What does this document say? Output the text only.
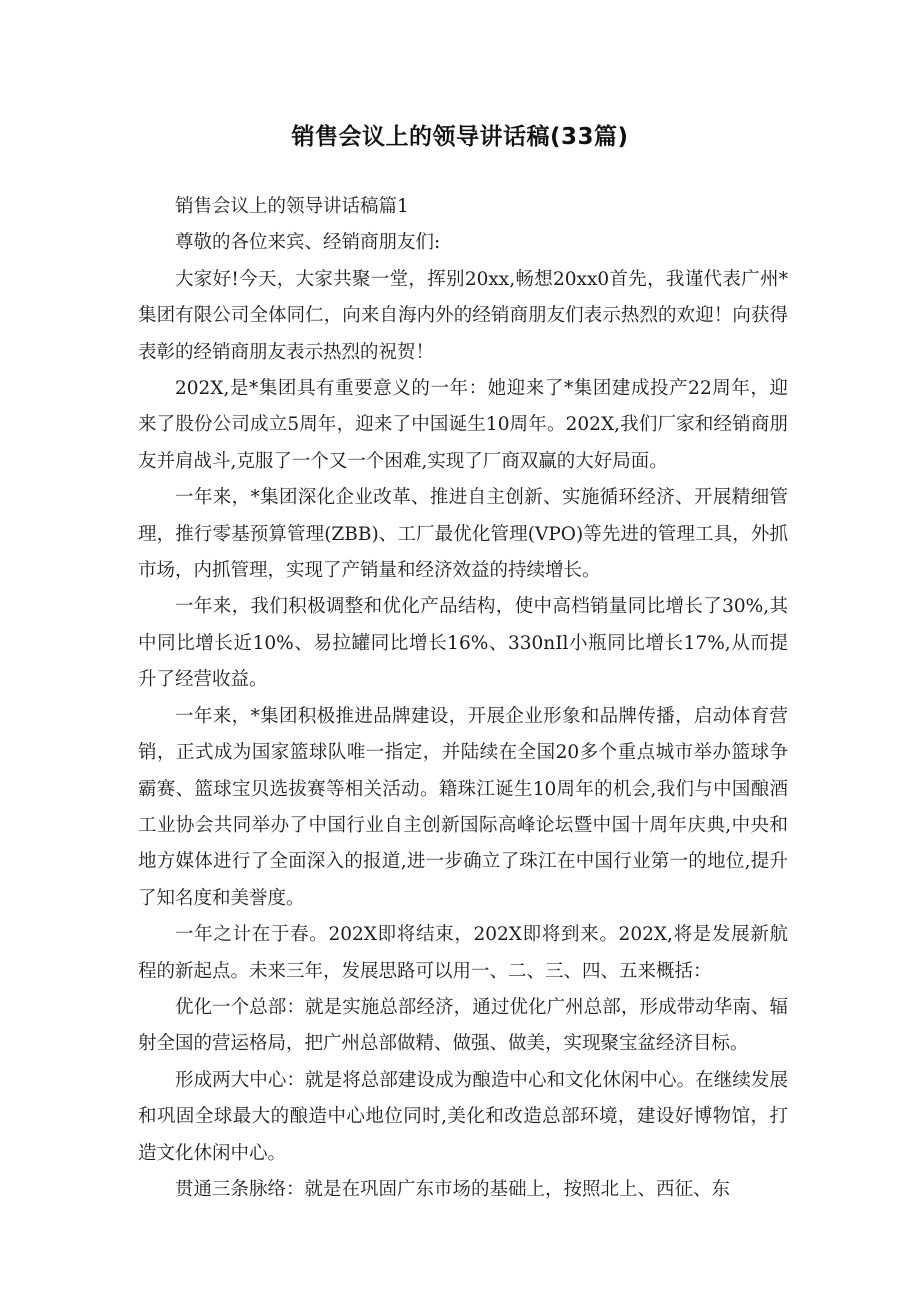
销售会议上的领导讲话稿(33篇)

销售会议上的领导讲话稿篇1

尊敬的各位来宾、经销商朋友们:

大家好!今天，大家共聚一堂，挥别20xx,畅想20xx0首先，我谨代表广州*集团有限公司全体同仁，向来自海内外的经销商朋友们表示热烈的欢迎！向获得表彰的经销商朋友表示热烈的祝贺！

202X,是*集团具有重要意义的一年：她迎来了*集团建成投产22周年，迎来了股份公司成立5周年，迎来了中国诞生10周年。202X,我们厂家和经销商朋友并肩战斗,克服了一个又一个困难,实现了厂商双赢的大好局面。

一年来，*集团深化企业改革、推进自主创新、实施循环经济、开展精细管理，推行零基预算管理(ZBB)、工厂最优化管理(VPO)等先进的管理工具，外抓市场，内抓管理，实现了产销量和经济效益的持续增长。

一年来，我们积极调整和优化产品结构，使中高档销量同比增长了30%,其中同比增长近10%、易拉罐同比增长16%、330nIl小瓶同比增长17%,从而提升了经营收益。

一年来，*集团积极推进品牌建设，开展企业形象和品牌传播，启动体育营销，正式成为国家篮球队唯一指定，并陆续在全国20多个重点城市举办篮球争霸赛、篮球宝贝选拔赛等相关活动。籍珠江诞生10周年的机会,我们与中国酿酒工业协会共同举办了中国行业自主创新国际高峰论坛暨中国十周年庆典,中央和地方媒体进行了全面深入的报道,进一步确立了珠江在中国行业第一的地位,提升了知名度和美誉度。

一年之计在于春。202X即将结束，202X即将到来。202X,将是发展新航程的新起点。未来三年，发展思路可以用一、二、三、四、五来概括：

优化一个总部：就是实施总部经济，通过优化广州总部，形成带动华南、辐射全国的营运格局，把广州总部做精、做强、做美，实现聚宝盆经济目标。

形成两大中心：就是将总部建设成为酿造中心和文化休闲中心。在继续发展和巩固全球最大的酿造中心地位同时,美化和改造总部环境，建设好博物馆，打造文化休闲中心。

贯通三条脉络：就是在巩固广东市场的基础上，按照北上、西征、东
